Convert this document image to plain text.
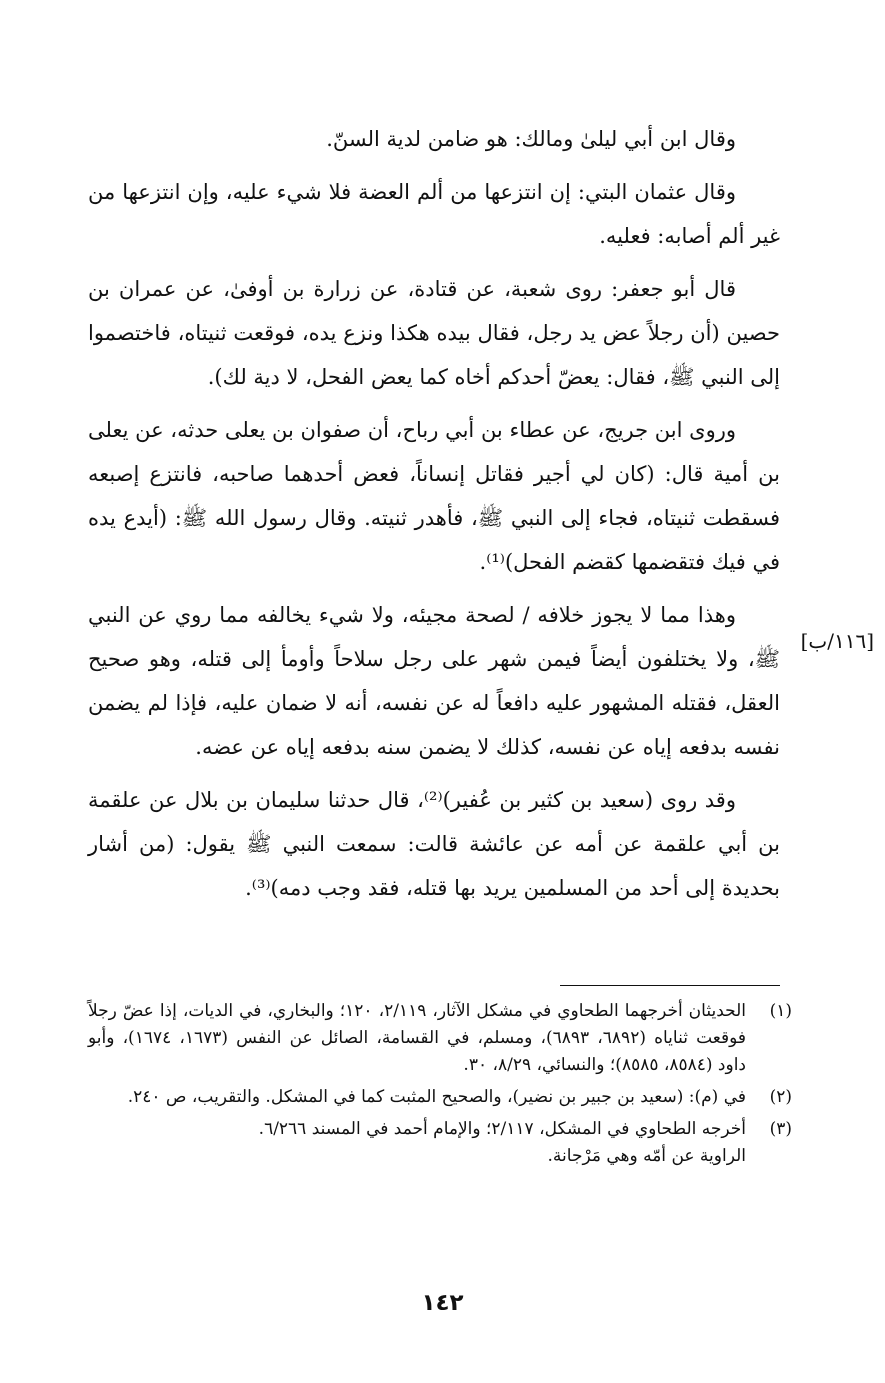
وقال ابن أبي ليلىٰ ومالك: هو ضامن لدية السنّ.

وقال عثمان البتي: إن انتزعها من ألم العضة فلا شيء عليه، وإن انتزعها من غير ألم أصابه: فعليه.

قال أبو جعفر: روى شعبة، عن قتادة، عن زرارة بن أوفىٰ، عن عمران بن حصين (أن رجلاً عض يد رجل، فقال بيده هكذا ونزع يده، فوقعت ثنيتاه، فاختصموا إلى النبي ﷺ، فقال: يعضّ أحدكم أخاه كما يعض الفحل، لا دية لك).

وروى ابن جريج، عن عطاء بن أبي رباح، أن صفوان بن يعلى حدثه، عن يعلى بن أمية قال: (كان لي أجير فقاتل إنساناً، فعض أحدهما صاحبه، فانتزع إصبعه فسقطت ثنيتاه، فجاء إلى النبي ﷺ، فأهدر ثنيته. وقال رسول الله ﷺ: (أيدع يده في فيك فتقضمها كقضم الفحل)⁽¹⁾.

وهذا مما لا يجوز خلافه / لصحة مجيئه، ولا شيء يخالفه مما روي عن النبي ﷺ، ولا يختلفون أيضاً فيمن شهر على رجل سلاحاً وأومأ إلى قتله، وهو صحيح العقل، فقتله المشهور عليه دافعاً له عن نفسه، أنه لا ضمان عليه، فإذا لم يضمن نفسه بدفعه إياه عن نفسه، كذلك لا يضمن سنه بدفعه إياه عن عضه.

وقد روى (سعيد بن كثير بن عُفير)⁽²⁾، قال حدثنا سليمان بن بلال عن علقمة بن أبي علقمة عن أمه عن عائشة قالت: سمعت النبي ﷺ يقول: (من أشار بحديدة إلى أحد من المسلمين يريد بها قتله، فقد وجب دمه)⁽³⁾.

[١١٦/ب]
(١)
الحديثان أخرجهما الطحاوي في مشكل الآثار، ٢/١١٩، ١٢٠؛ والبخاري، في الديات، إذا عضّ رجلاً فوقعت ثناياه (٦٨٩٢، ٦٨٩٣)، ومسلم، في القسامة، الصائل عن النفس (١٦٧٣، ١٦٧٤)، وأبو داود (٨٥٨٤، ٨٥٨٥)؛ والنسائي، ٨/٢٩، ٣٠.
(٢)
في (م): (سعيد بن جبير بن نضير)، والصحيح المثبت كما في المشكل. والتقريب، ص ٢٤٠.
(٣)
أخرجه الطحاوي في المشكل، ٢/١١٧؛ والإمام أحمد في المسند ٦/٢٦٦.
الراوية عن أمّه وهي مَرْجانة.
١٤٢
